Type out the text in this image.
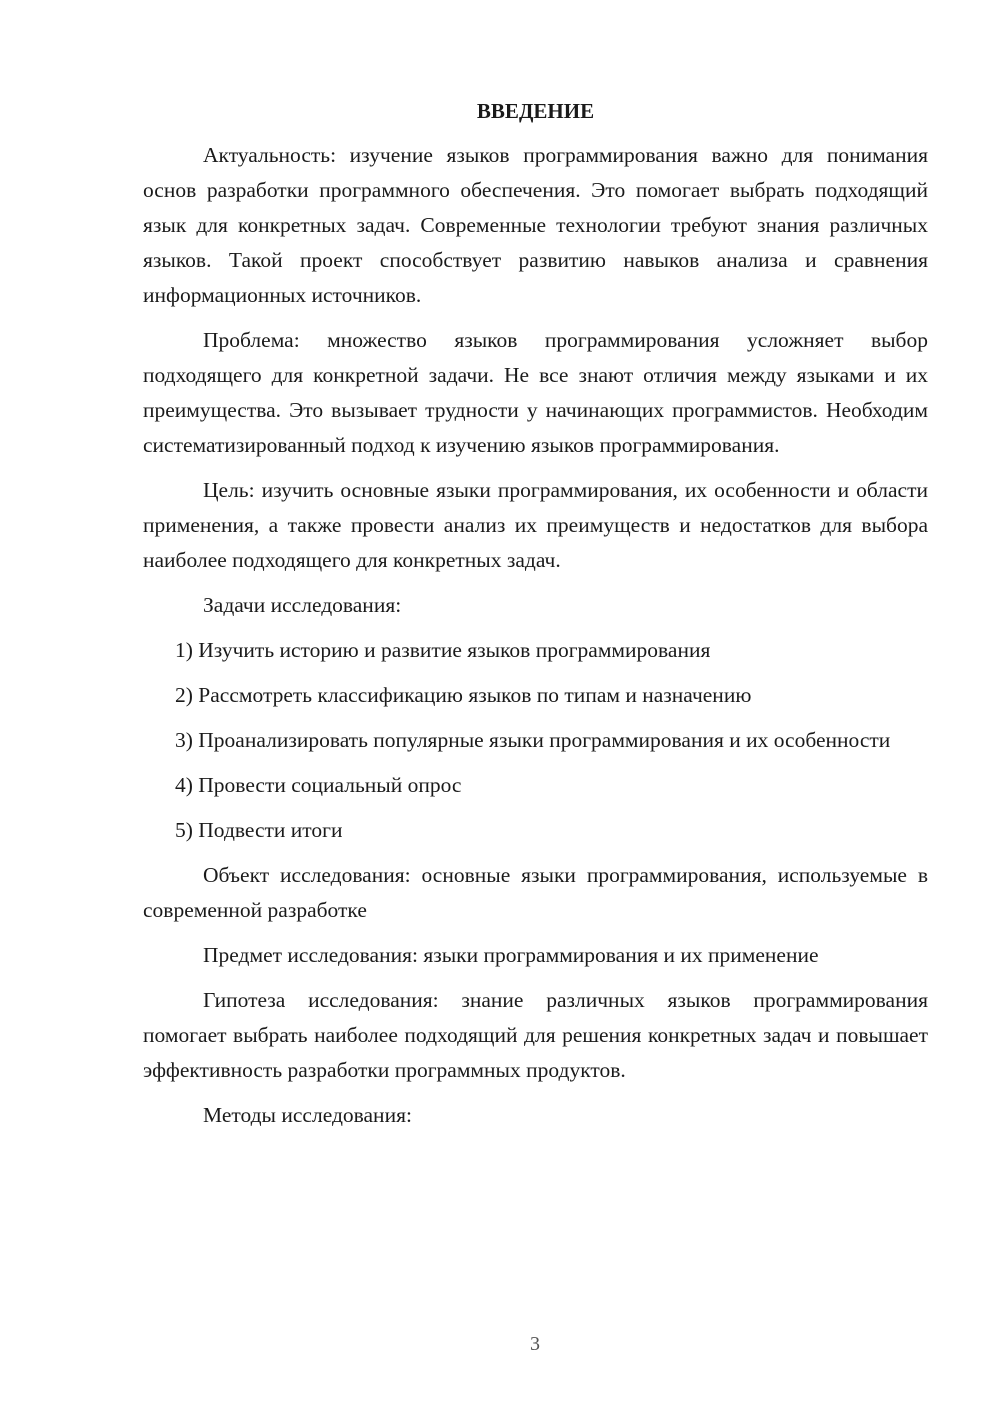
ВВЕДЕНИЕ

Актуальность: изучение языков программирования важно для понимания основ разработки программного обеспечения. Это помогает выбрать подходящий язык для конкретных задач. Современные технологии требуют знания различных языков. Такой проект способствует развитию навыков анализа и сравнения информационных источников.

Проблема: множество языков программирования усложняет выбор подходящего для конкретной задачи. Не все знают отличия между языками и их преимущества. Это вызывает трудности у начинающих программистов. Необходим систематизированный подход к изучению языков программирования.

Цель: изучить основные языки программирования, их особенности и области применения, а также провести анализ их преимуществ и недостатков для выбора наиболее подходящего для конкретных задач.

Задачи исследования:

1) Изучить историю и развитие языков программирования

2) Рассмотреть классификацию языков по типам и назначению

3) Проанализировать популярные языки программирования и их особенности

4) Провести социальный опрос

5) Подвести итоги

Объект исследования: основные языки программирования, используемые в современной разработке

Предмет исследования: языки программирования и их применение

Гипотеза исследования: знание различных языков программирования помогает выбрать наиболее подходящий для решения конкретных задач и повышает эффективность разработки программных продуктов.

Методы исследования:

3
